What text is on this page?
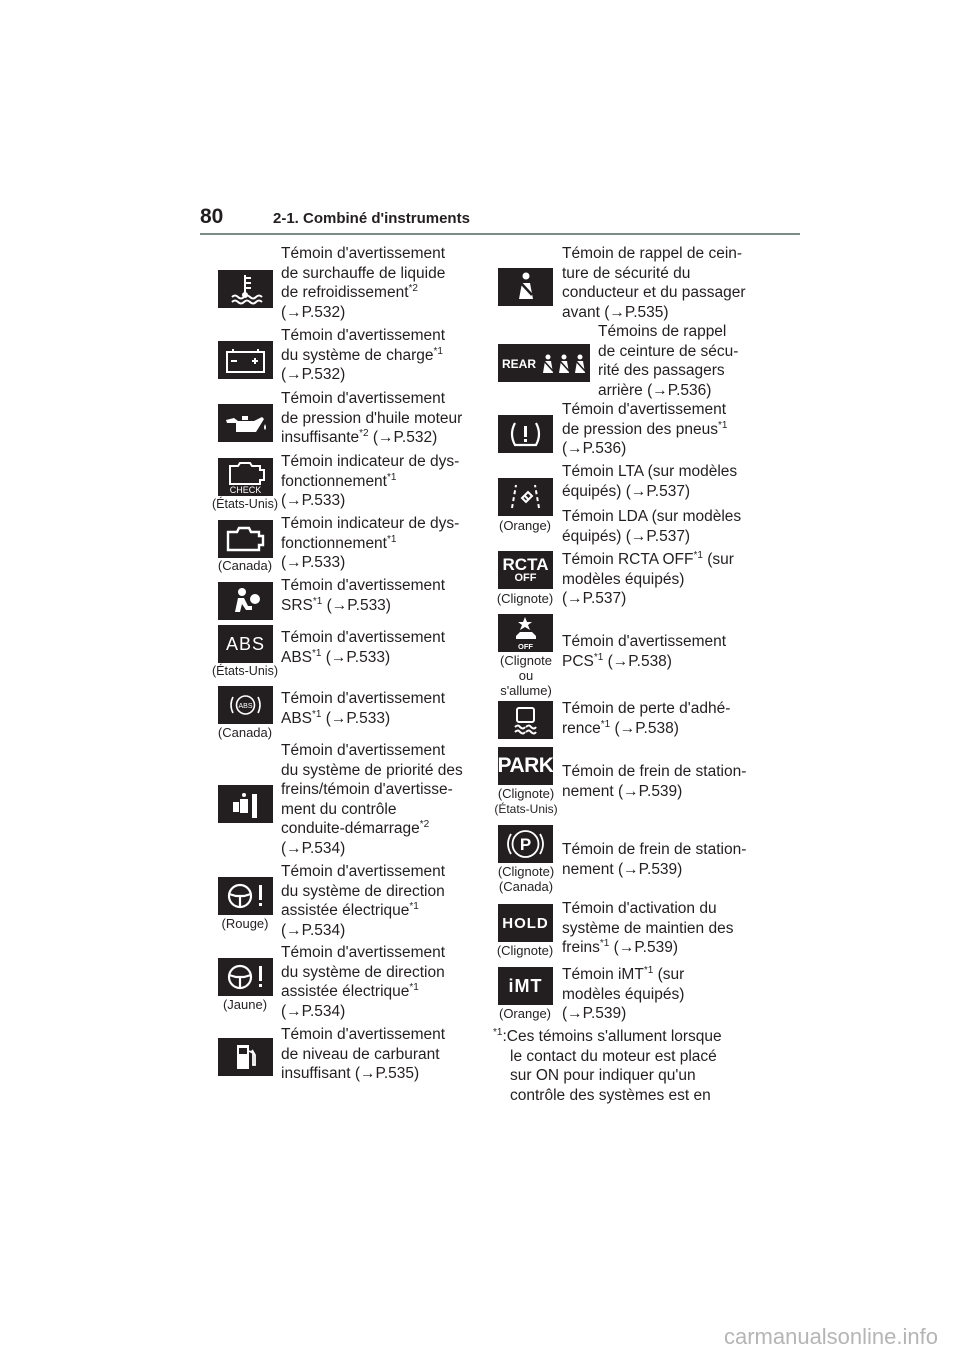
80	2-1. Combiné d'instruments
Témoin d'avertissement
de surchauffe de liquide
de refroidissement$^{*2}$
(→P.532)
Témoin d'avertissement
du système de charge$^{*1}$
(→P.532)
Témoin d'avertissement
de pression d'huile moteur
insuffisante$^{*2}$ (→P.532)
CHECK
(États-Unis)
Témoin indicateur de dys-
fonctionnement$^{*1}$
(→P.533)
(Canada)
Témoin indicateur de dys-
fonctionnement$^{*1}$
(→P.533)
Témoin d'avertissement
SRS$^{*1}$ (→P.533)
ABS
(États-Unis)
Témoin d'avertissement
ABS$^{*1}$ (→P.533)
ABS
(Canada)
Témoin d'avertissement
ABS$^{*1}$ (→P.533)
Témoin d'avertissement
du système de priorité des
freins/témoin d'avertisse-
ment du contrôle
conduite-démarrage$^{*2}$
(→P.534)
(Rouge)
Témoin d'avertissement
du système de direction
assistée électrique$^{*1}$
(→P.534)
(Jaune)
Témoin d'avertissement
du système de direction
assistée électrique$^{*1}$
(→P.534)
Témoin d'avertissement
de niveau de carburant
insuffisant (→P.535)
Témoin de rappel de cein-
ture de sécurité du
conducteur et du passager
avant (→P.535)
REAR
Témoins de rappel
de ceinture de sécu-
rité des passagers
arrière (→P.536)
Témoin d'avertissement
de pression des pneus$^{*1}$
(→P.536)
(Orange)
Témoin LTA (sur modèles
équipés) (→P.537)
Témoin LDA (sur modèles
équipés) (→P.537)
RCTA
OFF
(Clignote)
Témoin RCTA OFF$^{*1}$ (sur
modèles équipés)
(→P.537)
OFF
(Clignote
ou
s'allume)
Témoin d'avertissement
PCS$^{*1}$ (→P.538)
Témoin de perte d'adhé-
rence$^{*1}$ (→P.538)
PARK
(Clignote)
(États-Unis)
Témoin de frein de station-
nement (→P.539)
P
(Clignote)
(Canada)
Témoin de frein de station-
nement (→P.539)
HOLD
(Clignote)
Témoin d'activation du
système de maintien des
freins$^{*1}$ (→P.539)
iMT
(Orange)
Témoin iMT$^{*1}$ (sur
modèles équipés)
(→P.539)
$^{*1}$:Ces témoins s'allument lorsque
le contact du moteur est placé
sur ON pour indiquer qu'un
contrôle des systèmes est en
carmanualsonline.info
